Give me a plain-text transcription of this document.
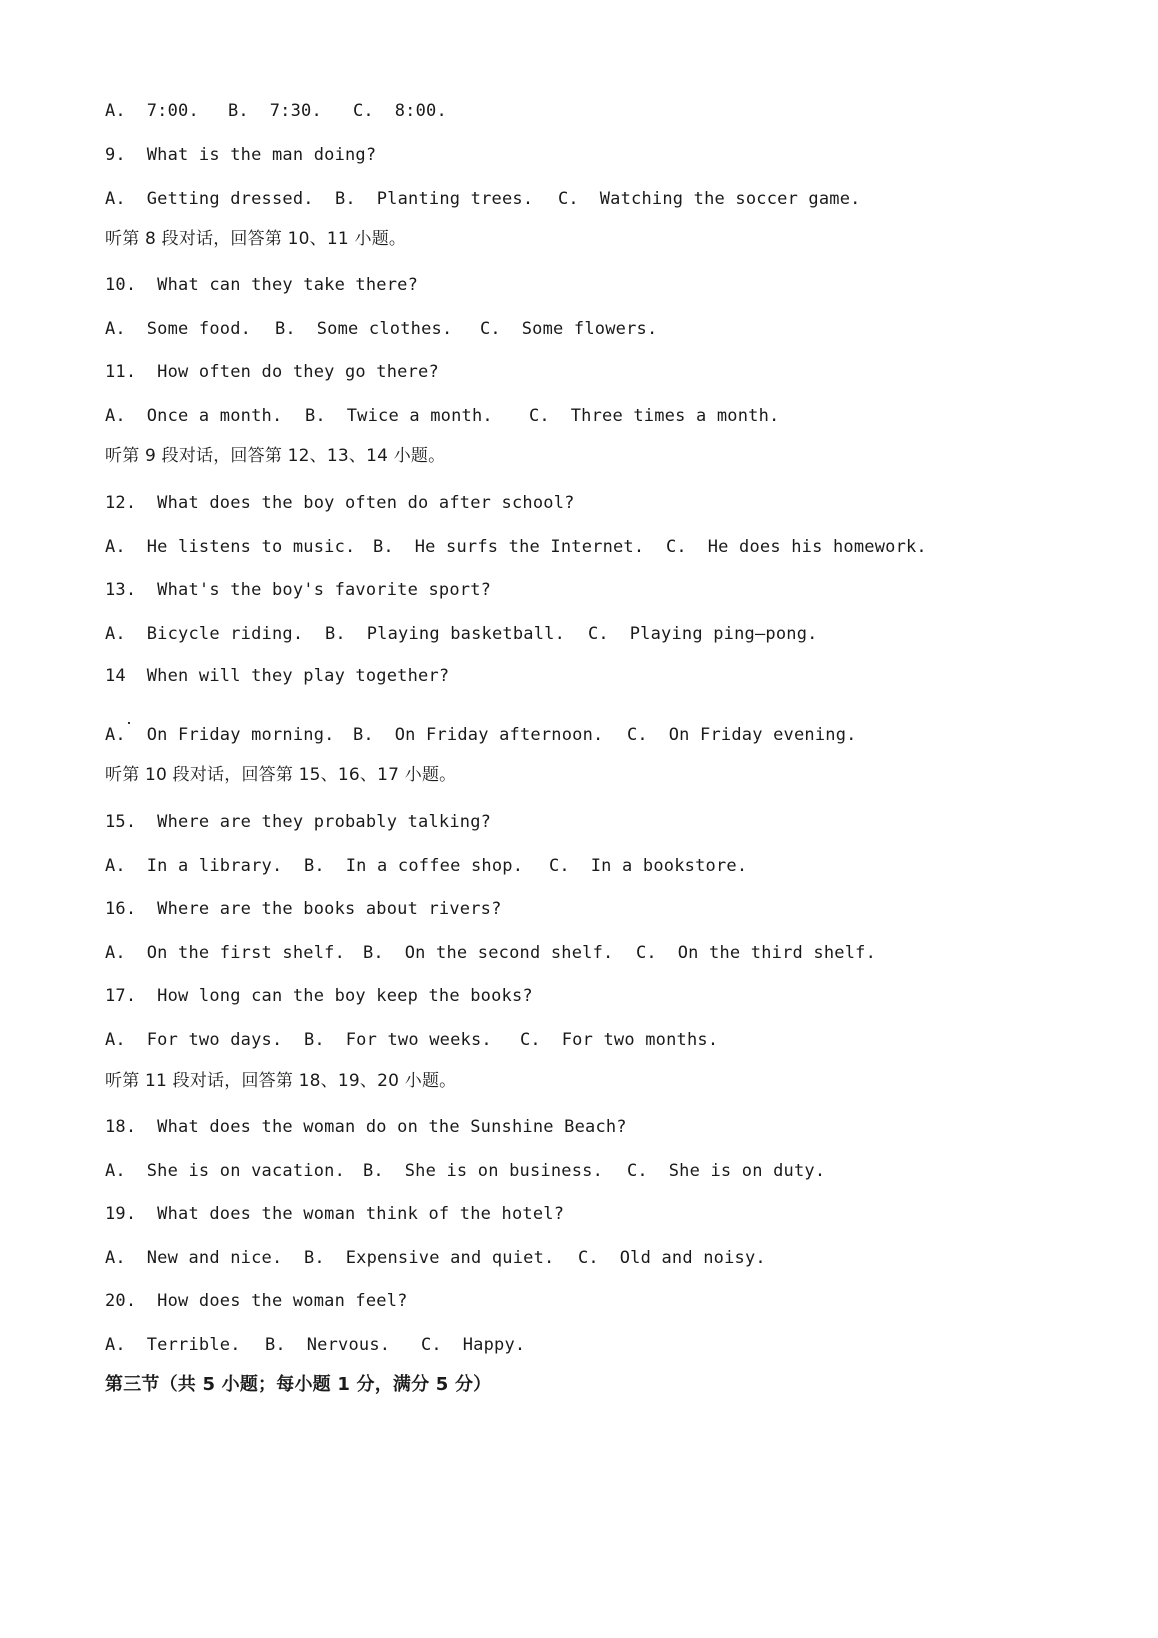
A.  7:00. B.  7:30. C.  8:00.
9.  What is the man doing?
A.  Getting dressed. B.  Planting trees. C.  Watching the soccer game.
听第 8 段对话，回答第 10、11 小题。
10.  What can they take there?
A.  Some food. B.  Some clothes. C.  Some flowers.
11.  How often do they go there?
A.  Once a month. B.  Twice a month. C.  Three times a month.
听第 9 段对话，回答第 12、13、14 小题。
12.  What does the boy often do after school?
A.  He listens to music. B.  He surfs the Internet. C.  He does his homework.
13.  What's the boy's favorite sport?
A.  Bicycle riding. B.  Playing basketball. C.  Playing ping—pong.
14  When will they play together?
A.  On Friday morning. B.  On Friday afternoon. C.  On Friday evening.
听第 10 段对话，回答第 15、16、17 小题。
15.  Where are they probably talking?
A.  In a library. B.  In a coffee shop. C.  In a bookstore.
16.  Where are the books about rivers?
A.  On the first shelf. B.  On the second shelf. C.  On the third shelf.
17.  How long can the boy keep the books?
A.  For two days. B.  For two weeks. C.  For two months.
听第 11 段对话，回答第 18、19、20 小题。
18.  What does the woman do on the Sunshine Beach?
A.  She is on vacation. B.  She is on business. C.  She is on duty.
19.  What does the woman think of the hotel?
A.  New and nice. B.  Expensive and quiet. C.  Old and noisy.
20.  How does the woman feel?
A.  Terrible. B.  Nervous. C.  Happy.
第三节（共 5 小题；每小题 1 分，满分 5 分）
